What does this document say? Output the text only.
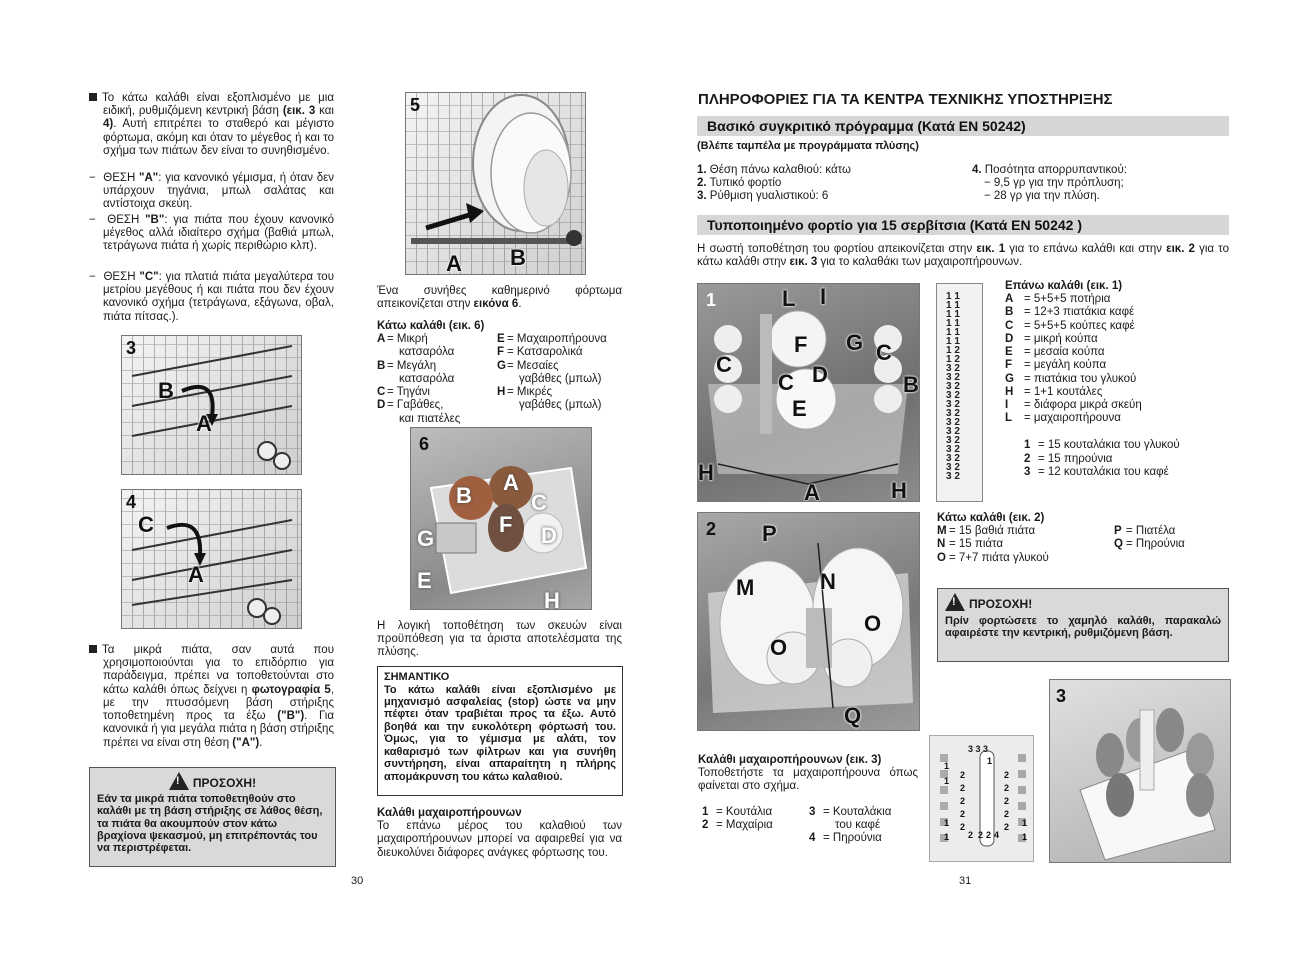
Το κάτω καλάθι είναι εξοπλισμένο με μια ειδική, ρυθμιζόμενη κεντρική βάση (εικ. 3 και 4). Αυτή επιτρέπει το σταθερό και μέγιστο φόρτωμα, ακόμη και όταν το μέγεθος ή και το σχήμα των πιάτων δεν είναι το συνηθισμένο.
−  ΘΕΣΗ "A": για κανονικό γέμισμα, ή όταν δεν υπάρχουν τηγάνια, μπωλ σαλάτας και αντίστοιχα σκεύη.
−  ΘΕΣΗ "B": για πιάτα που έχουν κανονικό μέγεθος αλλά ιδιαίτερο σχήμα (βαθιά μπωλ, τετράγωνα πιάτα ή χωρίς περιθώριο κλπ).
−  ΘΕΣΗ "C": για πλατιά πιάτα μεγαλύτερα του μετρίου μεγέθους ή και πιάτα που δεν έχουν κανονικό σχήμα (τετράγωνα, εξάγωνα, οβαλ, πιάτα πίτσας.).
3
B
A
4
C
A
Τα μικρά πιάτα, σαν αυτά που χρησιμοποιούνται για το επιδόρπιο για παράδειγμα, πρέπει να τοποθετούνται στο κάτω καλάθι όπως δείχνει η φωτογραφία 5, με την πτυσσόμενη βάση στήριξης τοποθετημένη προς τα έξω ("B"). Για κανονικά ή για μεγάλα πιάτα η βάση στήριξης πρέπει να είναι στη θέση ("A").
!ΠΡΟΣΟΧΗ!
Εάν τα μικρά πιάτα τοποθετηθούν στο καλάθι με τη βάση στήριξης σε λάθος θέση, τα πιάτα θα ακουμπούν στον κάτω βραχίονα ψεκασμού, μη επιτρέποντάς του να περιστρέφεται.
30
5
A B
Ένα συνήθες καθημερινό φόρτωμα απεικονίζεται στην εικόνα 6.
Κάτω καλάθι (εικ. 6)
A = Μικρή
κατσαρόλα
B = Μεγάλη
κατσαρόλα
C = Τηγάνι
D = Γαβάθες,
και πιατέλες
E = Μαχαιροπήρουνα
F = Κατσαρολικά
G= Μεσαίες
γαβάθες (μπωλ)
H = Μικρές
γαβάθες (μπωλ)
6
A
B	C
D
F
G
E
H
Η λογική τοποθέτηση των σκευών είναι προϋπόθεση για τα άριστα αποτελέσματα της πλύσης.
ΣΗΜΑΝΤΙΚΟ
Το κάτω καλάθι είναι εξοπλισμένο με μηχανισμό ασφαλείας (stop) ώστε να μην πέφτει όταν τραβιέται προς τα έξω. Αυτό βοηθά και την ευκολότερη φόρτωσή του. Όμως, για το γέμισμα με αλάτι, τον καθαρισμό των φίλτρων και για συνήθη συντήρηση, είναι απαραίτητη η πλήρης απομάκρυνση του κάτω καλαθιού.
Καλάθι μαχαιροπήρουνων
Το επάνω μέρος του καλαθιού των μαχαιροπήρουνων μπορεί να αφαιρεθεί για να διευκολύνει διάφορες ανάγκες φόρτωσης του.
ΠΛΗΡΟΦΟΡΙΕΣ ΓΙΑ ΤΑ ΚΕΝΤΡΑ ΤΕΧΝΙΚΗΣ ΥΠΟΣΤΗΡΙΞΗΣ
Βασικό συγκριτικό πρόγραμμα (Κατά EN 50242)
(Βλέπε ταμπέλα με προγράμματα πλύσης)
1. Θέση πάνω καλαθιού: κάτω
2. Τυπικό φορτίο
3. Ρύθμιση γυαλιστικού: 6
4. Ποσότητα απορρυπαντικού:
− 9,5 γρ για την πρόπλυση;
− 28 γρ για την πλύση.
Τυποποιημένο φορτίο για 15 σερβίτσια (Κατά EN 50242 )
Η σωστή τοποθέτηση του φορτίου απεικονίζεται στην εικ. 1 για το επάνω καλάθι και στην εικ. 2 για το κάτω καλάθι στην εικ. 3 για το καλαθάκι των μαχαιροπήρουνων.
1	L I
C
F G C
C D	B
E
H
A	H
1 1
1 1
1 1
1 1
1 1
1 1
1 2
1 2
3 2
3 2
3 2
3 2
3 2
3 2
3 2
3 2
3 2
3 2
3 2
3 2
3 2
Επάνω καλάθι (εικ. 1)
A = 5+5+5 ποτήρια
B = 12+3 πιατάκια καφέ
C = 5+5+5 κούπες καφέ
D = μικρή κούπα
E = μεσαία κούπα
F = μεγάλη κούπα
G = πιατάκια του γλυκού
H = 1+1 κουτάλες
I = διάφορα μικρά σκεύη
L = μαχαιροπήρουνα
1 = 15 κουταλάκια του γλυκού
2 = 15 πηρούνια
3 = 12 κουταλάκια του καφέ
2 P
M	N
O
O
Q
Κάτω καλάθι (εικ. 2)
M = 15 βαθιά πιάτα
N = 15 πιάτα
O = 7+7 πιάτα γλυκού
P = Πιατέλα
Q = Πηρούνια
!ΠΡΟΣΟΧΗ!
Πρίν φορτώσετε το χαμηλό καλάθι, παρακαλώ αφαιρέστε την κεντρική, ρυθμιζόμενη βάση.
3
1
1
2
2
2
2
2
1
1
2
2
2
2
2 1
1
1
2 2 2 4
3 3 3
Καλάθι μαχαιροπήρουνων (εικ. 3)
Τοποθετήστε τα μαχαιροπήρουνα όπως φαίνεται στο σχήμα.
1 = Κουτάλια
2 = Μαχαίρια
3 = Κουταλάκια
του καφέ
4 = Πηρούνια
31
